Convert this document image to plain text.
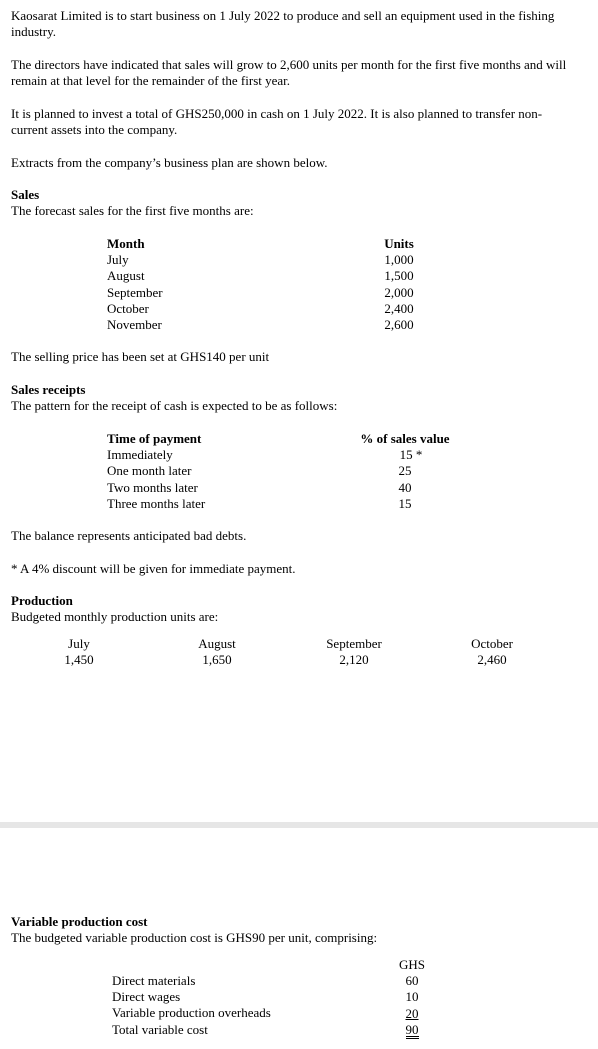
Kaosarat Limited is to start business on 1 July 2022 to produce and sell an equipment used in the fishing industry.

The directors have indicated that sales will grow to 2,600 units per month for the first five months and will remain at that level for the remainder of the first year.

It is planned to invest a total of GHS250,000 in cash on 1 July 2022. It is also planned to transfer non-current assets into the company.

Extracts from the company’s business plan are shown below.

Sales

The forecast sales for the first five months are:

Month
July
August
September
October
November
Units
1,000
1,500
2,000
2,400
2,600

The selling price has been set at GHS140 per unit

Sales receipts

The pattern for the receipt of cash is expected to be as follows:

Time of payment
Immediately
One month later
Two months later
Three months later
% of sales value
15 *
25
40
15

The balance represents anticipated bad debts.

* A 4% discount will be given for immediate payment.

Production

Budgeted monthly production units are:

July
1,450
August
1,650
September
2,120
October
2,460

Variable production cost

The budgeted variable production cost is GHS90 per unit, comprising:

Direct materials
Direct wages
Variable production overheads
Total variable cost
GHS
60
10
20
90
